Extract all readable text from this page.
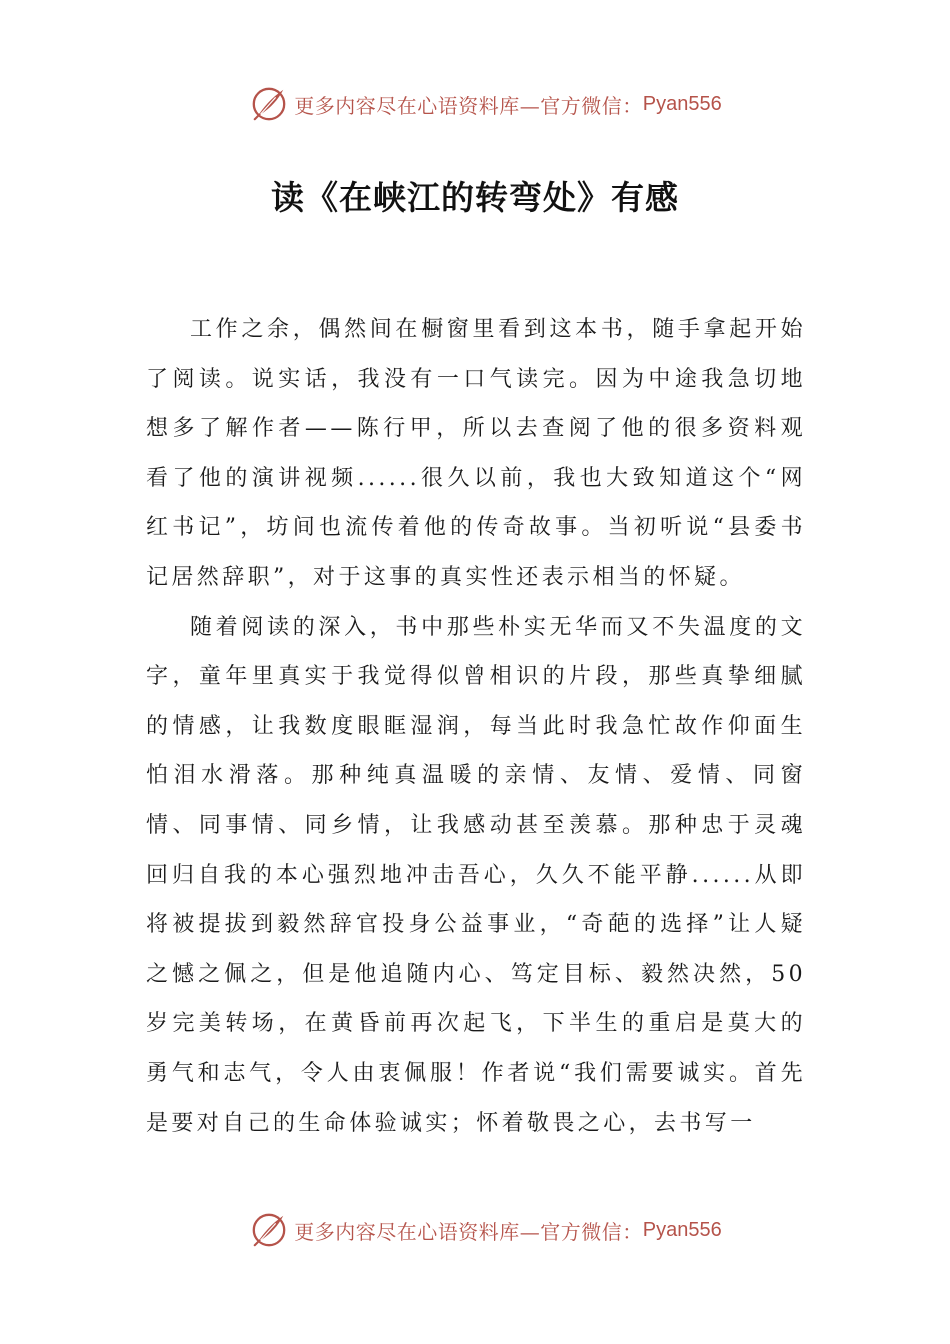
更多内容尽在心语资料库—官方微信： Pyan556
读《在峡江的转弯处》有感

工作之余，偶然间在橱窗里看到这本书，随手拿起开始了阅读。说实话，我没有一口气读完。因为中途我急切地想多了解作者——陈行甲，所以去查阅了他的很多资料观看了他的演讲视频......很久以前，我也大致知道这个“网红书记”，坊间也流传着他的传奇故事。当初听说“县委书记居然辞职”，对于这事的真实性还表示相当的怀疑。

随着阅读的深入，书中那些朴实无华而又不失温度的文字，童年里真实于我觉得似曾相识的片段，那些真挚细腻的情感，让我数度眼眶湿润，每当此时我急忙故作仰面生怕泪水滑落。那种纯真温暖的亲情、友情、爱情、同窗情、同事情、同乡情，让我感动甚至羡慕。那种忠于灵魂回归自我的本心强烈地冲击吾心，久久不能平静......从即将被提拔到毅然辞官投身公益事业，“奇葩的选择”让人疑之憾之佩之，但是他追随内心、笃定目标、毅然决然，50岁完美转场，在黄昏前再次起飞，下半生的重启是莫大的勇气和志气，令人由衷佩服！作者说“我们需要诚实。首先是要对自己的生命体验诚实；怀着敬畏之心，去书写一

更多内容尽在心语资料库—官方微信： Pyan556
